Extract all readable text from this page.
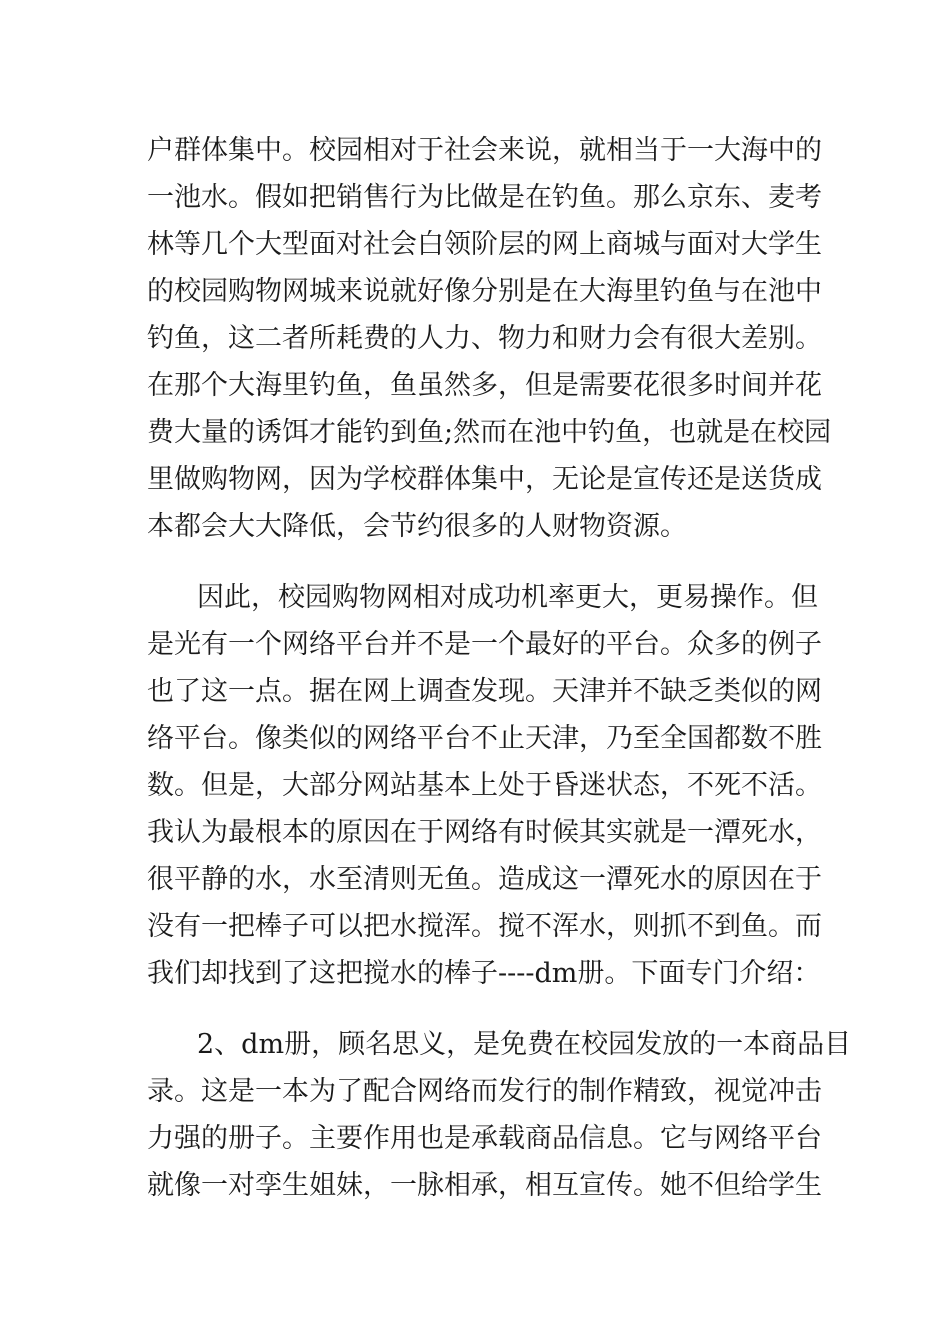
户群体集中。校园相对于社会来说，就相当于一大海中的
一池水。假如把销售行为比做是在钓鱼。那么京东、麦考
林等几个大型面对社会白领阶层的网上商城与面对大学生
的校园购物网城来说就好像分别是在大海里钓鱼与在池中
钓鱼，这二者所耗费的人力、物力和财力会有很大差别。
在那个大海里钓鱼，鱼虽然多，但是需要花很多时间并花
费大量的诱饵才能钓到鱼;然而在池中钓鱼，也就是在校园
里做购物网，因为学校群体集中，无论是宣传还是送货成
本都会大大降低，会节约很多的人财物资源。
因此，校园购物网相对成功机率更大，更易操作。但
是光有一个网络平台并不是一个最好的平台。众多的例子
也了这一点。据在网上调查发现。天津并不缺乏类似的网
络平台。像类似的网络平台不止天津，乃至全国都数不胜
数。但是，大部分网站基本上处于昏迷状态，不死不活。
我认为最根本的原因在于网络有时候其实就是一潭死水，
很平静的水，水至清则无鱼。造成这一潭死水的原因在于
没有一把棒子可以把水搅浑。搅不浑水，则抓不到鱼。而
我们却找到了这把搅水的棒子----dm册。下面专门介绍：
2、dm册，顾名思义，是免费在校园发放的一本商品目
录。这是一本为了配合网络而发行的制作精致，视觉冲击
力强的册子。主要作用也是承载商品信息。它与网络平台
就像一对孪生姐妹，一脉相承，相互宣传。她不但给学生
